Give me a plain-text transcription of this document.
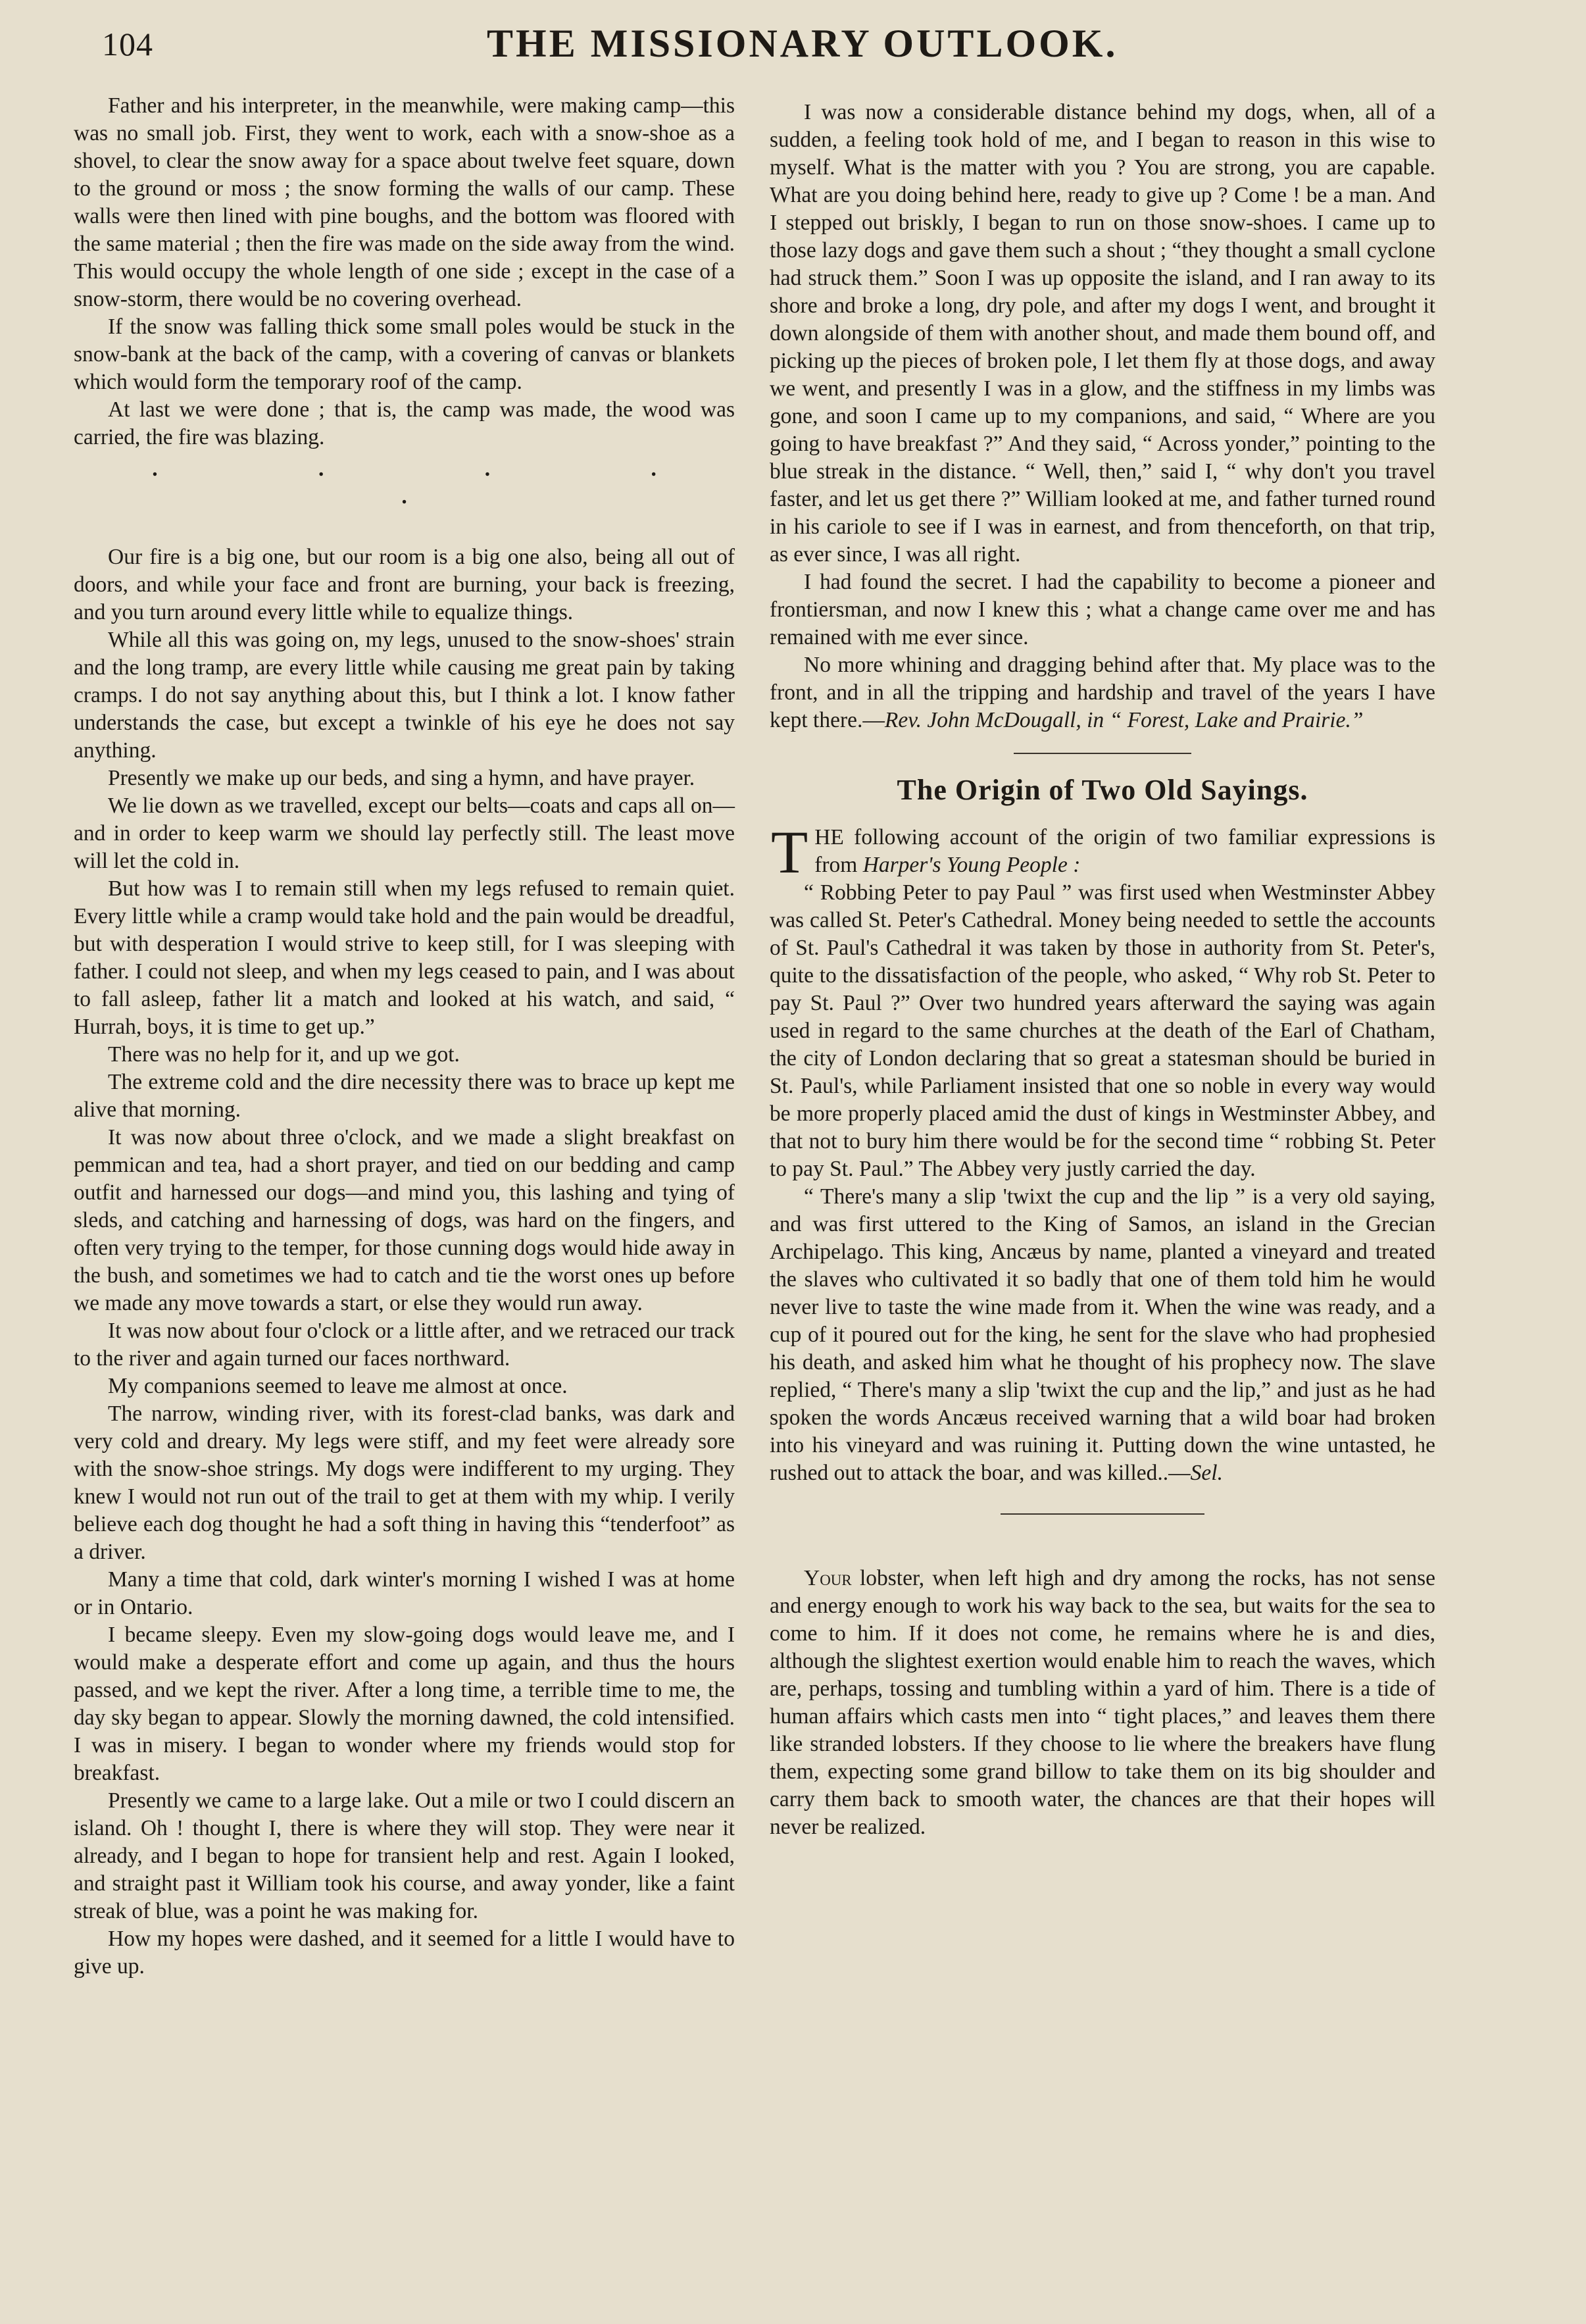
104	THE MISSIONARY OUTLOOK.

Father and his interpreter, in the meanwhile, were making camp—this was no small job. First, they went to work, each with a snow-shoe as a shovel, to clear the snow away for a space about twelve feet square, down to the ground or moss ; the snow forming the walls of our camp. These walls were then lined with pine boughs, and the bottom was floored with the same material ; then the fire was made on the side away from the wind. This would occupy the whole length of one side ; except in the case of a snow-storm, there would be no covering overhead.

If the snow was falling thick some small poles would be stuck in the snow-bank at the back of the camp, with a covering of canvas or blankets which would form the temporary roof of the camp.

At last we were done ; that is, the camp was made, the wood was carried, the fire was blazing.

. . . . .

Our fire is a big one, but our room is a big one also, being all out of doors, and while your face and front are burning, your back is freezing, and you turn around every little while to equalize things.

While all this was going on, my legs, unused to the snow-shoes' strain and the long tramp, are every little while causing me great pain by taking cramps. I do not say anything about this, but I think a lot. I know father understands the case, but except a twinkle of his eye he does not say anything.

Presently we make up our beds, and sing a hymn, and have prayer.

We lie down as we travelled, except our belts—coats and caps all on—and in order to keep warm we should lay perfectly still. The least move will let the cold in.

But how was I to remain still when my legs refused to remain quiet. Every little while a cramp would take hold and the pain would be dreadful, but with desperation I would strive to keep still, for I was sleeping with father. I could not sleep, and when my legs ceased to pain, and I was about to fall asleep, father lit a match and looked at his watch, and said, “ Hurrah, boys, it is time to get up.”

There was no help for it, and up we got.

The extreme cold and the dire necessity there was to brace up kept me alive that morning.

It was now about three o'clock, and we made a slight breakfast on pemmican and tea, had a short prayer, and tied on our bedding and camp outfit and harnessed our dogs—and mind you, this lashing and tying of sleds, and catching and harnessing of dogs, was hard on the fingers, and often very trying to the temper, for those cunning dogs would hide away in the bush, and sometimes we had to catch and tie the worst ones up before we made any move towards a start, or else they would run away.

It was now about four o'clock or a little after, and we retraced our track to the river and again turned our faces northward.

My companions seemed to leave me almost at once.

The narrow, winding river, with its forest-clad banks, was dark and very cold and dreary. My legs were stiff, and my feet were already sore with the snow-shoe strings. My dogs were indifferent to my urging. They knew I would not run out of the trail to get at them with my whip. I verily believe each dog thought he had a soft thing in having this “tenderfoot” as a driver.

Many a time that cold, dark winter's morning I wished I was at home or in Ontario.

I became sleepy. Even my slow-going dogs would leave me, and I would make a desperate effort and come up again, and thus the hours passed, and we kept the river. After a long time, a terrible time to me, the day sky began to appear. Slowly the morning dawned, the cold intensified. I was in misery. I began to wonder where my friends would stop for breakfast.

Presently we came to a large lake. Out a mile or two I could discern an island. Oh ! thought I, there is where they will stop. They were near it already, and I began to hope for transient help and rest. Again I looked, and straight past it William took his course, and away yonder, like a faint streak of blue, was a point he was making for.

How my hopes were dashed, and it seemed for a little I would have to give up.

I was now a considerable distance behind my dogs, when, all of a sudden, a feeling took hold of me, and I began to reason in this wise to myself. What is the matter with you ? You are strong, you are capable. What are you doing behind here, ready to give up ? Come ! be a man. And I stepped out briskly, I began to run on those snow-shoes. I came up to those lazy dogs and gave them such a shout ; “they thought a small cyclone had struck them.” Soon I was up opposite the island, and I ran away to its shore and broke a long, dry pole, and after my dogs I went, and brought it down alongside of them with another shout, and made them bound off, and picking up the pieces of broken pole, I let them fly at those dogs, and away we went, and presently I was in a glow, and the stiffness in my limbs was gone, and soon I came up to my companions, and said, “ Where are you going to have breakfast ?” And they said, “ Across yonder,” pointing to the blue streak in the distance. “ Well, then,” said I, “ why don't you travel faster, and let us get there ?” William looked at me, and father turned round in his cariole to see if I was in earnest, and from thenceforth, on that trip, as ever since, I was all right.

I had found the secret. I had the capability to become a pioneer and frontiersman, and now I knew this ; what a change came over me and has remained with me ever since.

No more whining and dragging behind after that. My place was to the front, and in all the tripping and hardship and travel of the years I have kept there.—Rev. John McDougall, in “ Forest, Lake and Prairie.”

The Origin of Two Old Sayings.

THE following account of the origin of two familiar expressions is from Harper's Young People :

“ Robbing Peter to pay Paul ” was first used when Westminster Abbey was called St. Peter's Cathedral. Money being needed to settle the accounts of St. Paul's Cathedral it was taken by those in authority from St. Peter's, quite to the dissatisfaction of the people, who asked, “ Why rob St. Peter to pay St. Paul ?” Over two hundred years afterward the saying was again used in regard to the same churches at the death of the Earl of Chatham, the city of London declaring that so great a statesman should be buried in St. Paul's, while Parliament insisted that one so noble in every way would be more properly placed amid the dust of kings in Westminster Abbey, and that not to bury him there would be for the second time “ robbing St. Peter to pay St. Paul.” The Abbey very justly carried the day.

“ There's many a slip 'twixt the cup and the lip ” is a very old saying, and was first uttered to the King of Samos, an island in the Grecian Archipelago. This king, Ancæus by name, planted a vineyard and treated the slaves who cultivated it so badly that one of them told him he would never live to taste the wine made from it. When the wine was ready, and a cup of it poured out for the king, he sent for the slave who had prophesied his death, and asked him what he thought of his prophecy now. The slave replied, “ There's many a slip 'twixt the cup and the lip,” and just as he had spoken the words Ancæus received warning that a wild boar had broken into his vineyard and was ruining it. Putting down the wine untasted, he rushed out to attack the boar, and was killed..—Sel.

Your lobster, when left high and dry among the rocks, has not sense and energy enough to work his way back to the sea, but waits for the sea to come to him. If it does not come, he remains where he is and dies, although the slightest exertion would enable him to reach the waves, which are, perhaps, tossing and tumbling within a yard of him. There is a tide of human affairs which casts men into “ tight places,” and leaves them there like stranded lobsters. If they choose to lie where the breakers have flung them, expecting some grand billow to take them on its big shoulder and carry them back to smooth water, the chances are that their hopes will never be realized.
